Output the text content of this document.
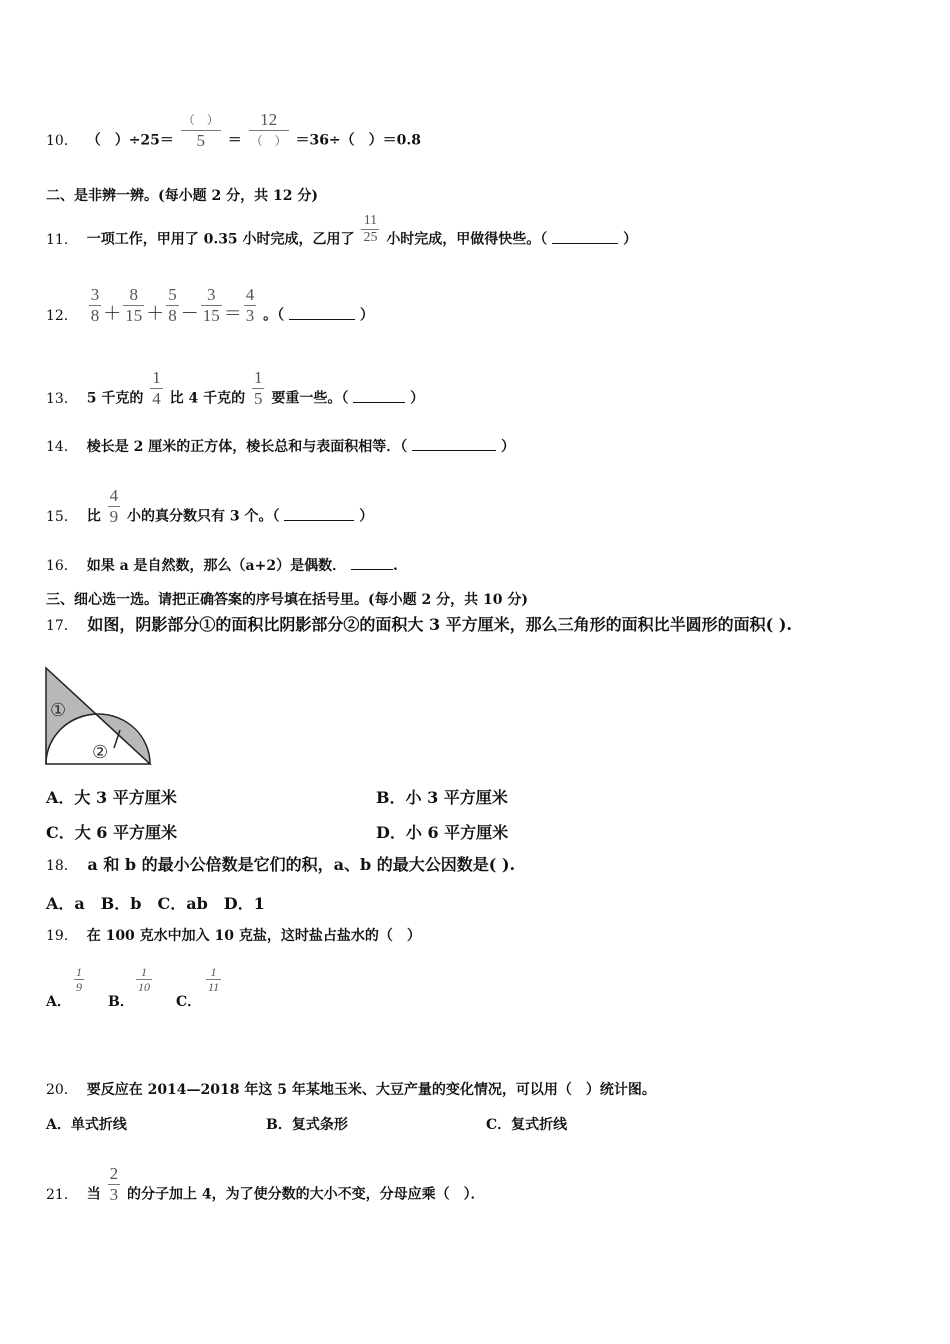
10． （　）$\div 25= \frac{( )}{5} = \frac{12}{( )} =36\div$（　）＝0.8
二、是非辨一辨。(每小题 2 分，共 12 分)
11． 一项工作，甲用了 0.35 小时完成，乙用了 $\frac{11}{25}$ 小时完成，甲做得快些。（	）
12． $\frac{3}{8} + \frac{8}{15} + \frac{5}{8} - \frac{3}{15} = \frac{4}{3}$ 。（	）
13． 5 千克的 $\frac{1}{4}$ 比 4 千克的 $\frac{1}{5}$ 要重一些。（	）
14． 棱长是 2 厘米的正方体，棱长总和与表面积相等．（	）
15． 比 $\frac{4}{9}$ 小的真分数只有 3 个。（	）
16． 如果 a 是自然数，那么（a+2）是偶数．	.
三、细心选一选。请把正确答案的序号填在括号里。(每小题 2 分，共 10 分)
17． 如图，阴影部分①的面积比阴影部分②的面积大 3 平方厘米，那么三角形的面积比半圆形的面积( ).
①
②
A．大 3 平方厘米	B．小 3 平方厘米
C．大 6 平方厘米	D．小 6 平方厘米
18． a 和 b 的最小公倍数是它们的积，a、b 的最大公因数是( ).
A．a　B．b　C．ab　D．1
19． 在 100 克水中加入 10 克盐，这时盐占盐水的（　）
A．
$\frac{1}{9}$
B．
$\frac{1}{10}$
C．
$\frac{1}{11}$
20． 要反应在 2014—2018 年这 5 年某地玉米、大豆产量的变化情况，可以用（　）统计图。
A．单式折线	B．复式条形	C．复式折线
21． 当 $\frac{2}{3}$ 的分子加上 4，为了使分数的大小不变，分母应乘（　）．
